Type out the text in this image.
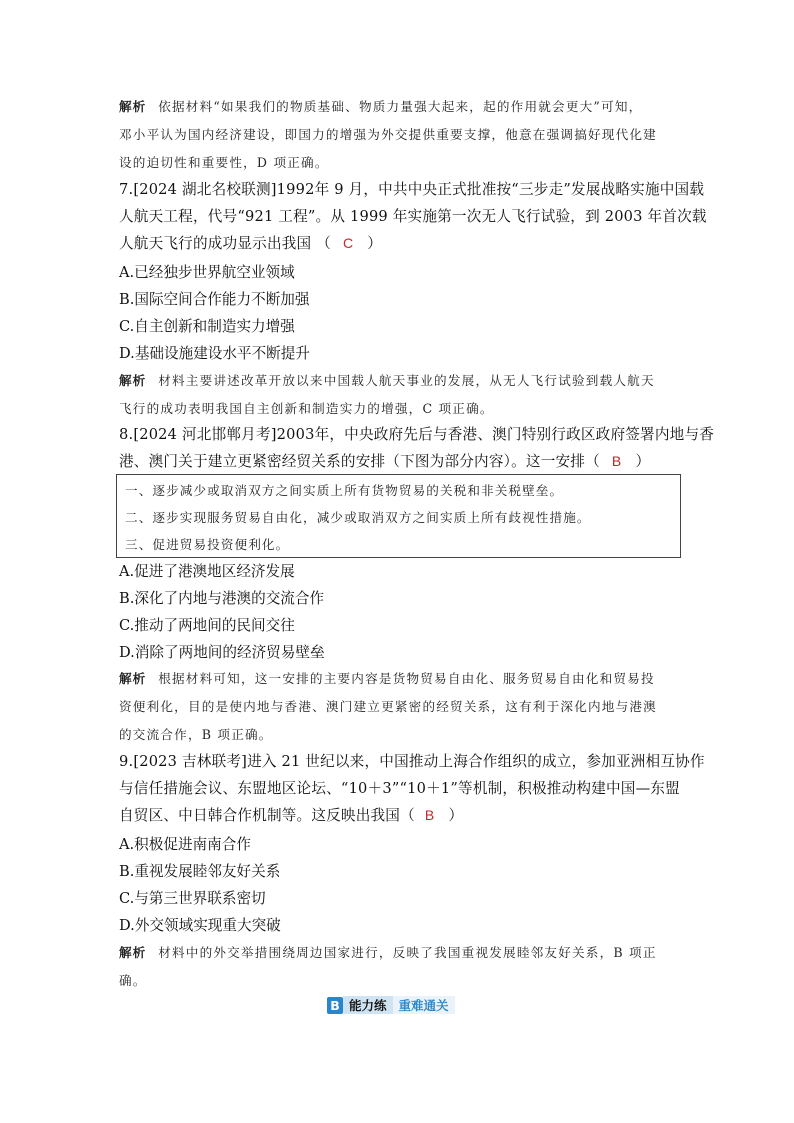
解析 依据材料“如果我们的物质基础、物质力量强大起来，起的作用就会更大”可知，
邓小平认为国内经济建设，即国力的增强为外交提供重要支撑，他意在强调搞好现代化建
设的迫切性和重要性，D 项正确。
7.[2024 湖北名校联测]1992年 9 月，中共中央正式批准按“三步走”发展战略实施中国载
人航天工程，代号“921 工程”。从 1999 年实施第一次无人飞行试验，到 2003 年首次载
人航天飞行的成功显示出我国 （ C ）
A.已经独步世界航空业领域
B.国际空间合作能力不断加强
C.自主创新和制造实力增强
D.基础设施建设水平不断提升
解析 材料主要讲述改革开放以来中国载人航天事业的发展，从无人飞行试验到载人航天
飞行的成功表明我国自主创新和制造实力的增强，C 项正确。
8.[2024 河北邯郸月考]2003年，中央政府先后与香港、澳门特别行政区政府签署内地与香
港、澳门关于建立更紧密经贸关系的安排（下图为部分内容）。这一安排（ B ）
一、逐步减少或取消双方之间实质上所有货物贸易的关税和非关税壁垒。
二、逐步实现服务贸易自由化，减少或取消双方之间实质上所有歧视性措施。
三、促进贸易投资便利化。
A.促进了港澳地区经济发展
B.深化了内地与港澳的交流合作
C.推动了两地间的民间交往
D.消除了两地间的经济贸易壁垒
解析 根据材料可知，这一安排的主要内容是货物贸易自由化、服务贸易自由化和贸易投
资便利化，目的是使内地与香港、澳门建立更紧密的经贸关系，这有利于深化内地与港澳
的交流合作，B 项正确。
9.[2023 吉林联考]进入 21 世纪以来，中国推动上海合作组织的成立，参加亚洲相互协作
与信任措施会议、东盟地区论坛、“10＋3”“10＋1”等机制，积极推动构建中国—东盟
自贸区、中日韩合作机制等。这反映出我国（ B ）
A.积极促进南南合作
B.重视发展睦邻友好关系
C.与第三世界联系密切
D.外交领域实现重大突破
解析 材料中的外交举措围绕周边国家进行，反映了我国重视发展睦邻友好关系，B 项正
确。
B 能力练 重难通关
